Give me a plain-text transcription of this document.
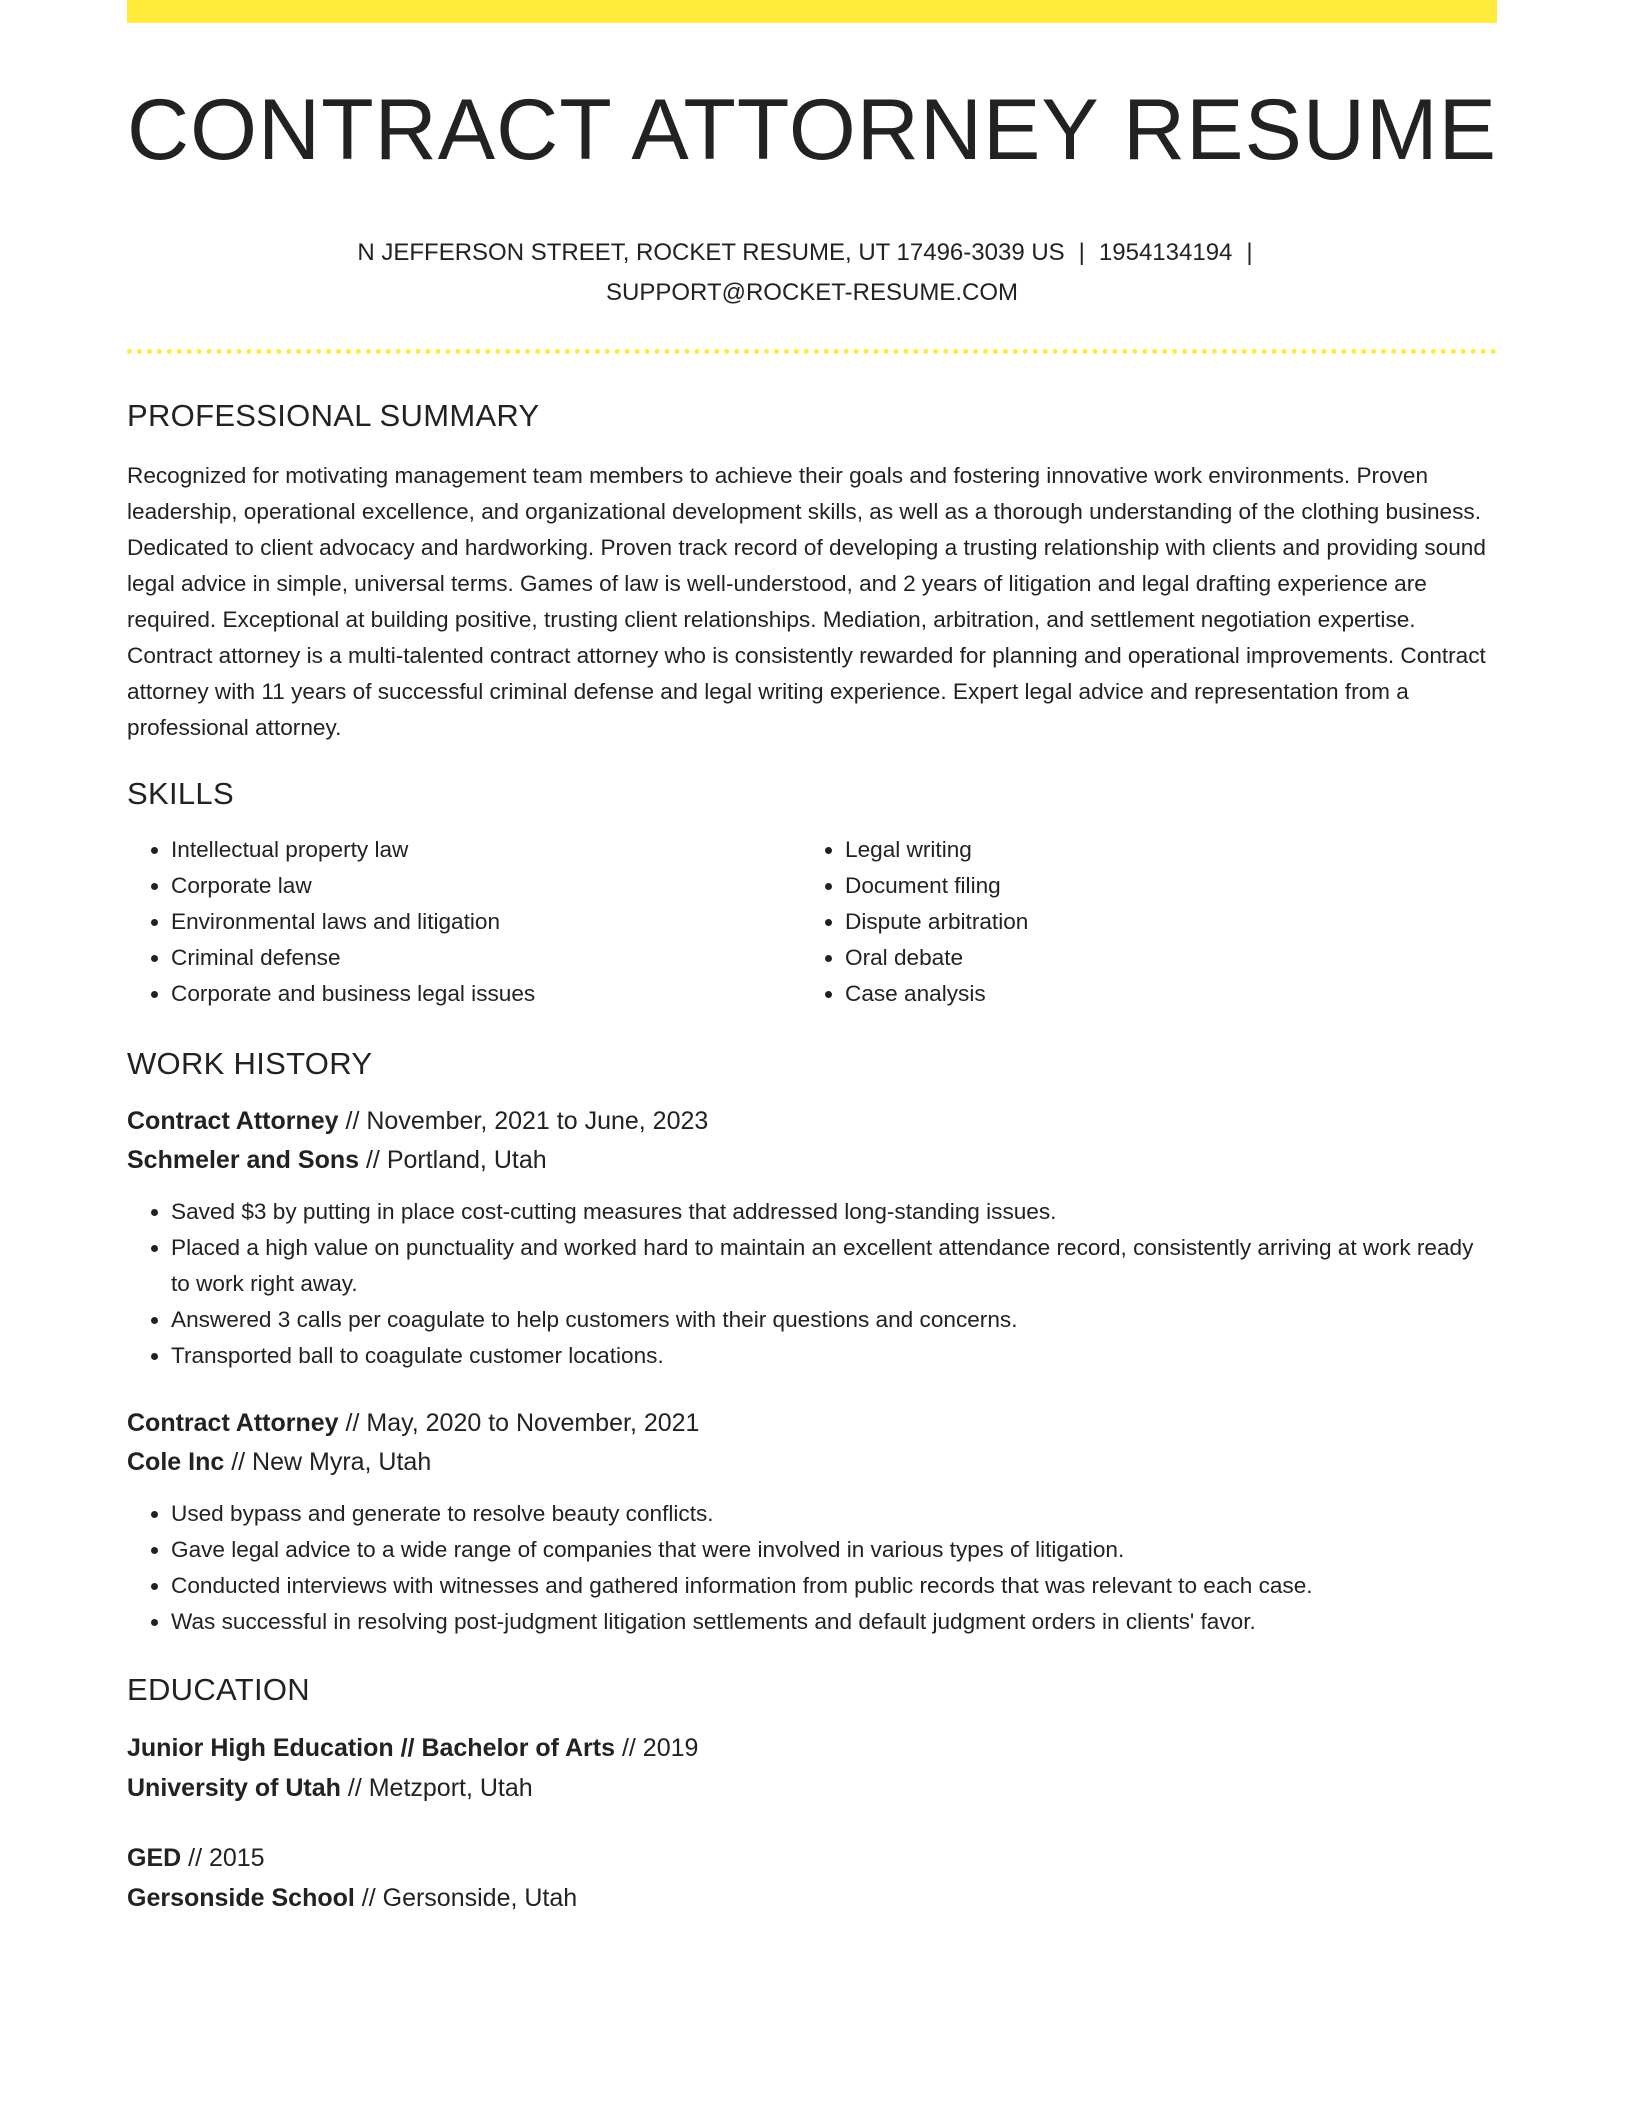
CONTRACT ATTORNEY RESUME
N JEFFERSON STREET, ROCKET RESUME, UT 17496-3039 US | 1954134194 |
SUPPORT@ROCKET-RESUME.COM
PROFESSIONAL SUMMARY

Recognized for motivating management team members to achieve their goals and fostering innovative work environments. Proven leadership, operational excellence, and organizational development skills, as well as a thorough understanding of the clothing business. Dedicated to client advocacy and hardworking. Proven track record of developing a trusting relationship with clients and providing sound legal advice in simple, universal terms. Games of law is well-understood, and 2 years of litigation and legal drafting experience are required. Exceptional at building positive, trusting client relationships. Mediation, arbitration, and settlement negotiation expertise. Contract attorney is a multi-talented contract attorney who is consistently rewarded for planning and operational improvements. Contract attorney with 11 years of successful criminal defense and legal writing experience. Expert legal advice and representation from a professional attorney.

SKILLS
• Intellectual property law
• Corporate law
• Environmental laws and litigation
• Criminal defense
• Corporate and business legal issues
• Legal writing
• Document filing
• Dispute arbitration
• Oral debate
• Case analysis
WORK HISTORY
Contract Attorney // November, 2021 to June, 2023
Schmeler and Sons // Portland, Utah
• Saved $3 by putting in place cost-cutting measures that addressed long-standing issues.
• Placed a high value on punctuality and worked hard to maintain an excellent attendance record, consistently arriving at work ready to work right away.
• Answered 3 calls per coagulate to help customers with their questions and concerns.
• Transported ball to coagulate customer locations.
Contract Attorney // May, 2020 to November, 2021
Cole Inc // New Myra, Utah
• Used bypass and generate to resolve beauty conflicts.
• Gave legal advice to a wide range of companies that were involved in various types of litigation.
• Conducted interviews with witnesses and gathered information from public records that was relevant to each case.
• Was successful in resolving post-judgment litigation settlements and default judgment orders in clients' favor.
EDUCATION
Junior High Education // Bachelor of Arts // 2019
University of Utah // Metzport, Utah
GED // 2015
Gersonside School // Gersonside, Utah
